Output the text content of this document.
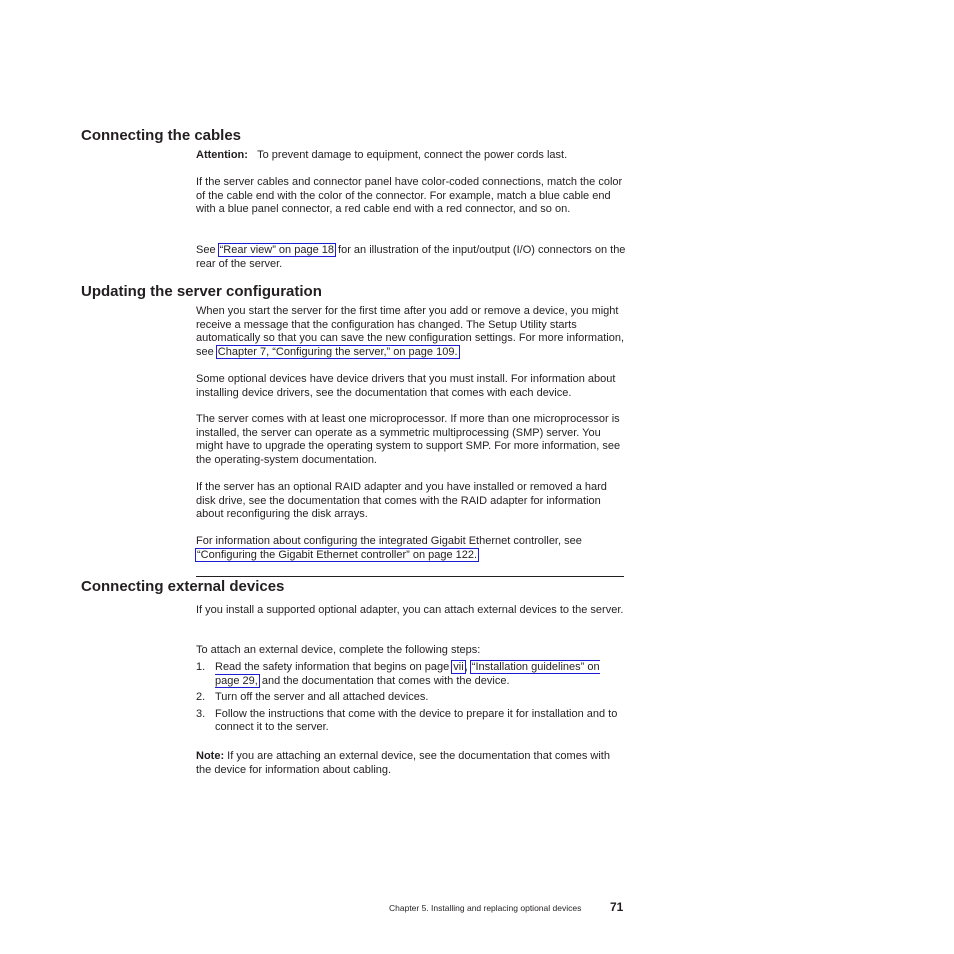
Connecting the cables

Attention: To prevent damage to equipment, connect the power cords last.

If the server cables and connector panel have color-coded connections, match the color of the cable end with the color of the connector. For example, match a blue cable end with a blue panel connector, a red cable end with a red connector, and so on.

See “Rear view” on page 18 for an illustration of the input/output (I/O) connectors on the rear of the server.

Updating the server configuration

When you start the server for the first time after you add or remove a device, you might receive a message that the configuration has changed. The Setup Utility starts automatically so that you can save the new configuration settings. For more information, see Chapter 7, “Configuring the server,” on page 109.

Some optional devices have device drivers that you must install. For information about installing device drivers, see the documentation that comes with each device.

The server comes with at least one microprocessor. If more than one microprocessor is installed, the server can operate as a symmetric multiprocessing (SMP) server. You might have to upgrade the operating system to support SMP. For more information, see the operating-system documentation.

If the server has an optional RAID adapter and you have installed or removed a hard disk drive, see the documentation that comes with the RAID adapter for information about reconfiguring the disk arrays.

For information about configuring the integrated Gigabit Ethernet controller, see “Configuring the Gigabit Ethernet controller” on page 122.

Connecting external devices

If you install a supported optional adapter, you can attach external devices to the server.

To attach an external device, complete the following steps:

1. Read the safety information that begins on page vii, “Installation guidelines” on page 29, and the documentation that comes with the device.
2. Turn off the server and all attached devices.
3. Follow the instructions that come with the device to prepare it for installation and to connect it to the server.

Note: If you are attaching an external device, see the documentation that comes with the device for information about cabling.

Chapter 5. Installing and replacing optional devices 71
